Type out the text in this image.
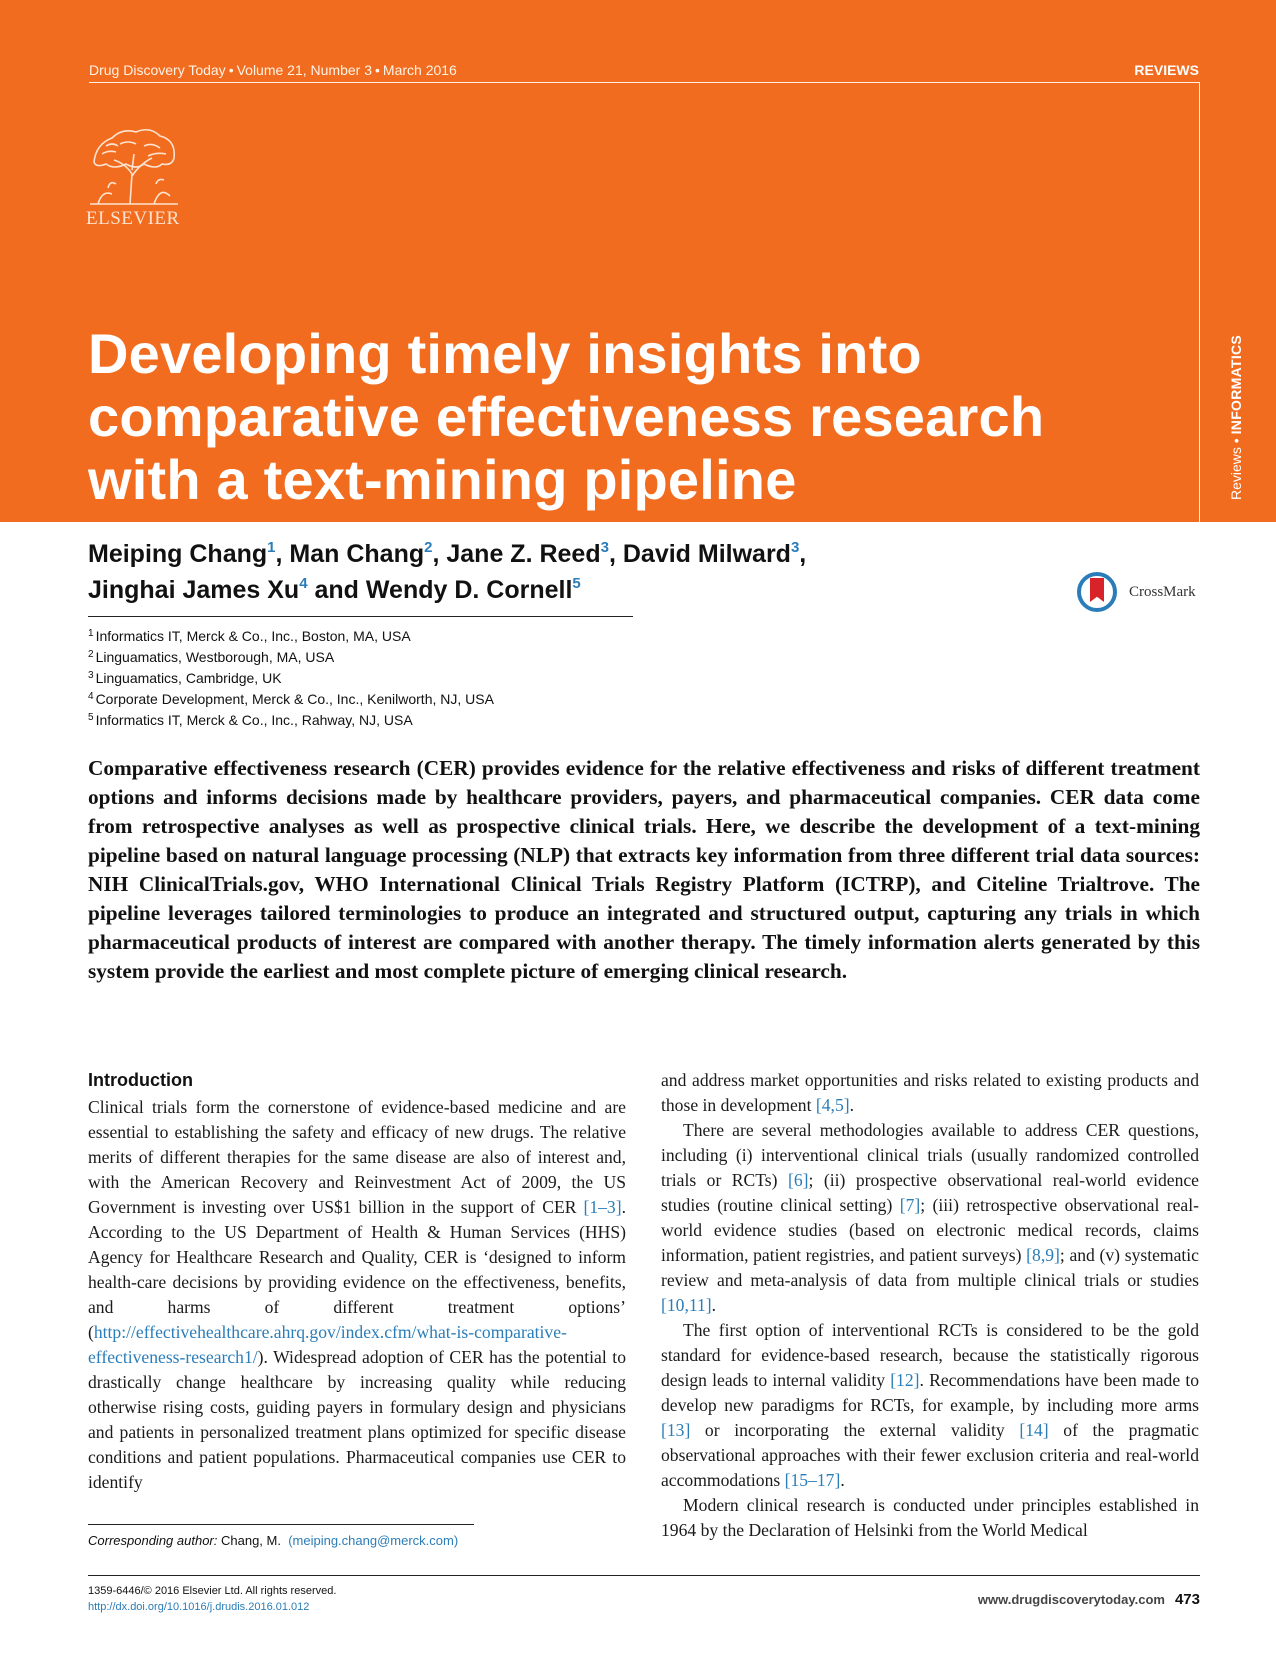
Drug Discovery Today • Volume 21, Number 3 • March 2016	REVIEWS
ELSEVIER
Reviews • INFORMATICS
Developing timely insights into comparative effectiveness research with a text-mining pipeline
Meiping Chang$^1$, Man Chang$^2$, Jane Z. Reed$^3$, David Milward$^3$,
Jinghai James Xu$^4$ and Wendy D. Cornell$^5$	CrossMark
$^1$ Informatics IT, Merck & Co., Inc., Boston, MA, USA
$^2$ Linguamatics, Westborough, MA, USA
$^3$ Linguamatics, Cambridge, UK
$^4$ Corporate Development, Merck & Co., Inc., Kenilworth, NJ, USA
$^5$ Informatics IT, Merck & Co., Inc., Rahway, NJ, USA
Comparative effectiveness research (CER) provides evidence for the relative effectiveness and risks of different treatment options and informs decisions made by healthcare providers, payers, and pharmaceutical companies. CER data come from retrospective analyses as well as prospective clinical trials. Here, we describe the development of a text-mining pipeline based on natural language processing (NLP) that extracts key information from three different trial data sources: NIH ClinicalTrials.gov, WHO International Clinical Trials Registry Platform (ICTRP), and Citeline Trialtrove. The pipeline leverages tailored terminologies to produce an integrated and structured output, capturing any trials in which pharmaceutical products of interest are compared with another therapy. The timely information alerts generated by this system provide the earliest and most complete picture of emerging clinical research.
Introduction

Clinical trials form the cornerstone of evidence-based medicine and are essential to establishing the safety and efficacy of new drugs. The relative merits of different therapies for the same disease are also of interest and, with the American Recovery and Reinvestment Act of 2009, the US Government is investing over US$1 billion in the support of CER [1–3]. According to the US Department of Health & Human Services (HHS) Agency for Healthcare Research and Quality, CER is ‘designed to inform health-care decisions by providing evidence on the effectiveness, benefits, and harms of different treatment options’ (http://effectivehealthcare.ahrq.gov/index.cfm/what-is-comparative-effectiveness-research1/). Widespread adoption of CER has the potential to drastically change healthcare by increasing quality while reducing otherwise rising costs, guiding payers in formulary design and physicians and patients in personalized treatment plans optimized for specific disease conditions and patient populations. Pharmaceutical companies use CER to identify

and address market opportunities and risks related to existing products and those in development [4,5].

There are several methodologies available to address CER questions, including (i) interventional clinical trials (usually randomized controlled trials or RCTs) [6]; (ii) prospective observational real-world evidence studies (routine clinical setting) [7]; (iii) retrospective observational real-world evidence studies (based on electronic medical records, claims information, patient registries, and patient surveys) [8,9]; and (v) systematic review and meta-analysis of data from multiple clinical trials or studies [10,11].

The first option of interventional RCTs is considered to be the gold standard for evidence-based research, because the statistically rigorous design leads to internal validity [12]. Recommendations have been made to develop new paradigms for RCTs, for example, by including more arms [13] or incorporating the external validity [14] of the pragmatic observational approaches with their fewer exclusion criteria and real-world accommodations [15–17].

Modern clinical research is conducted under principles established in 1964 by the Declaration of Helsinki from the World Medical

Corresponding author: Chang, M. (meiping.chang@merck.com)
1359-6446/© 2016 Elsevier Ltd. All rights reserved.
http://dx.doi.org/10.1016/j.drudis.2016.01.012	www.drugdiscoverytoday.com 473
